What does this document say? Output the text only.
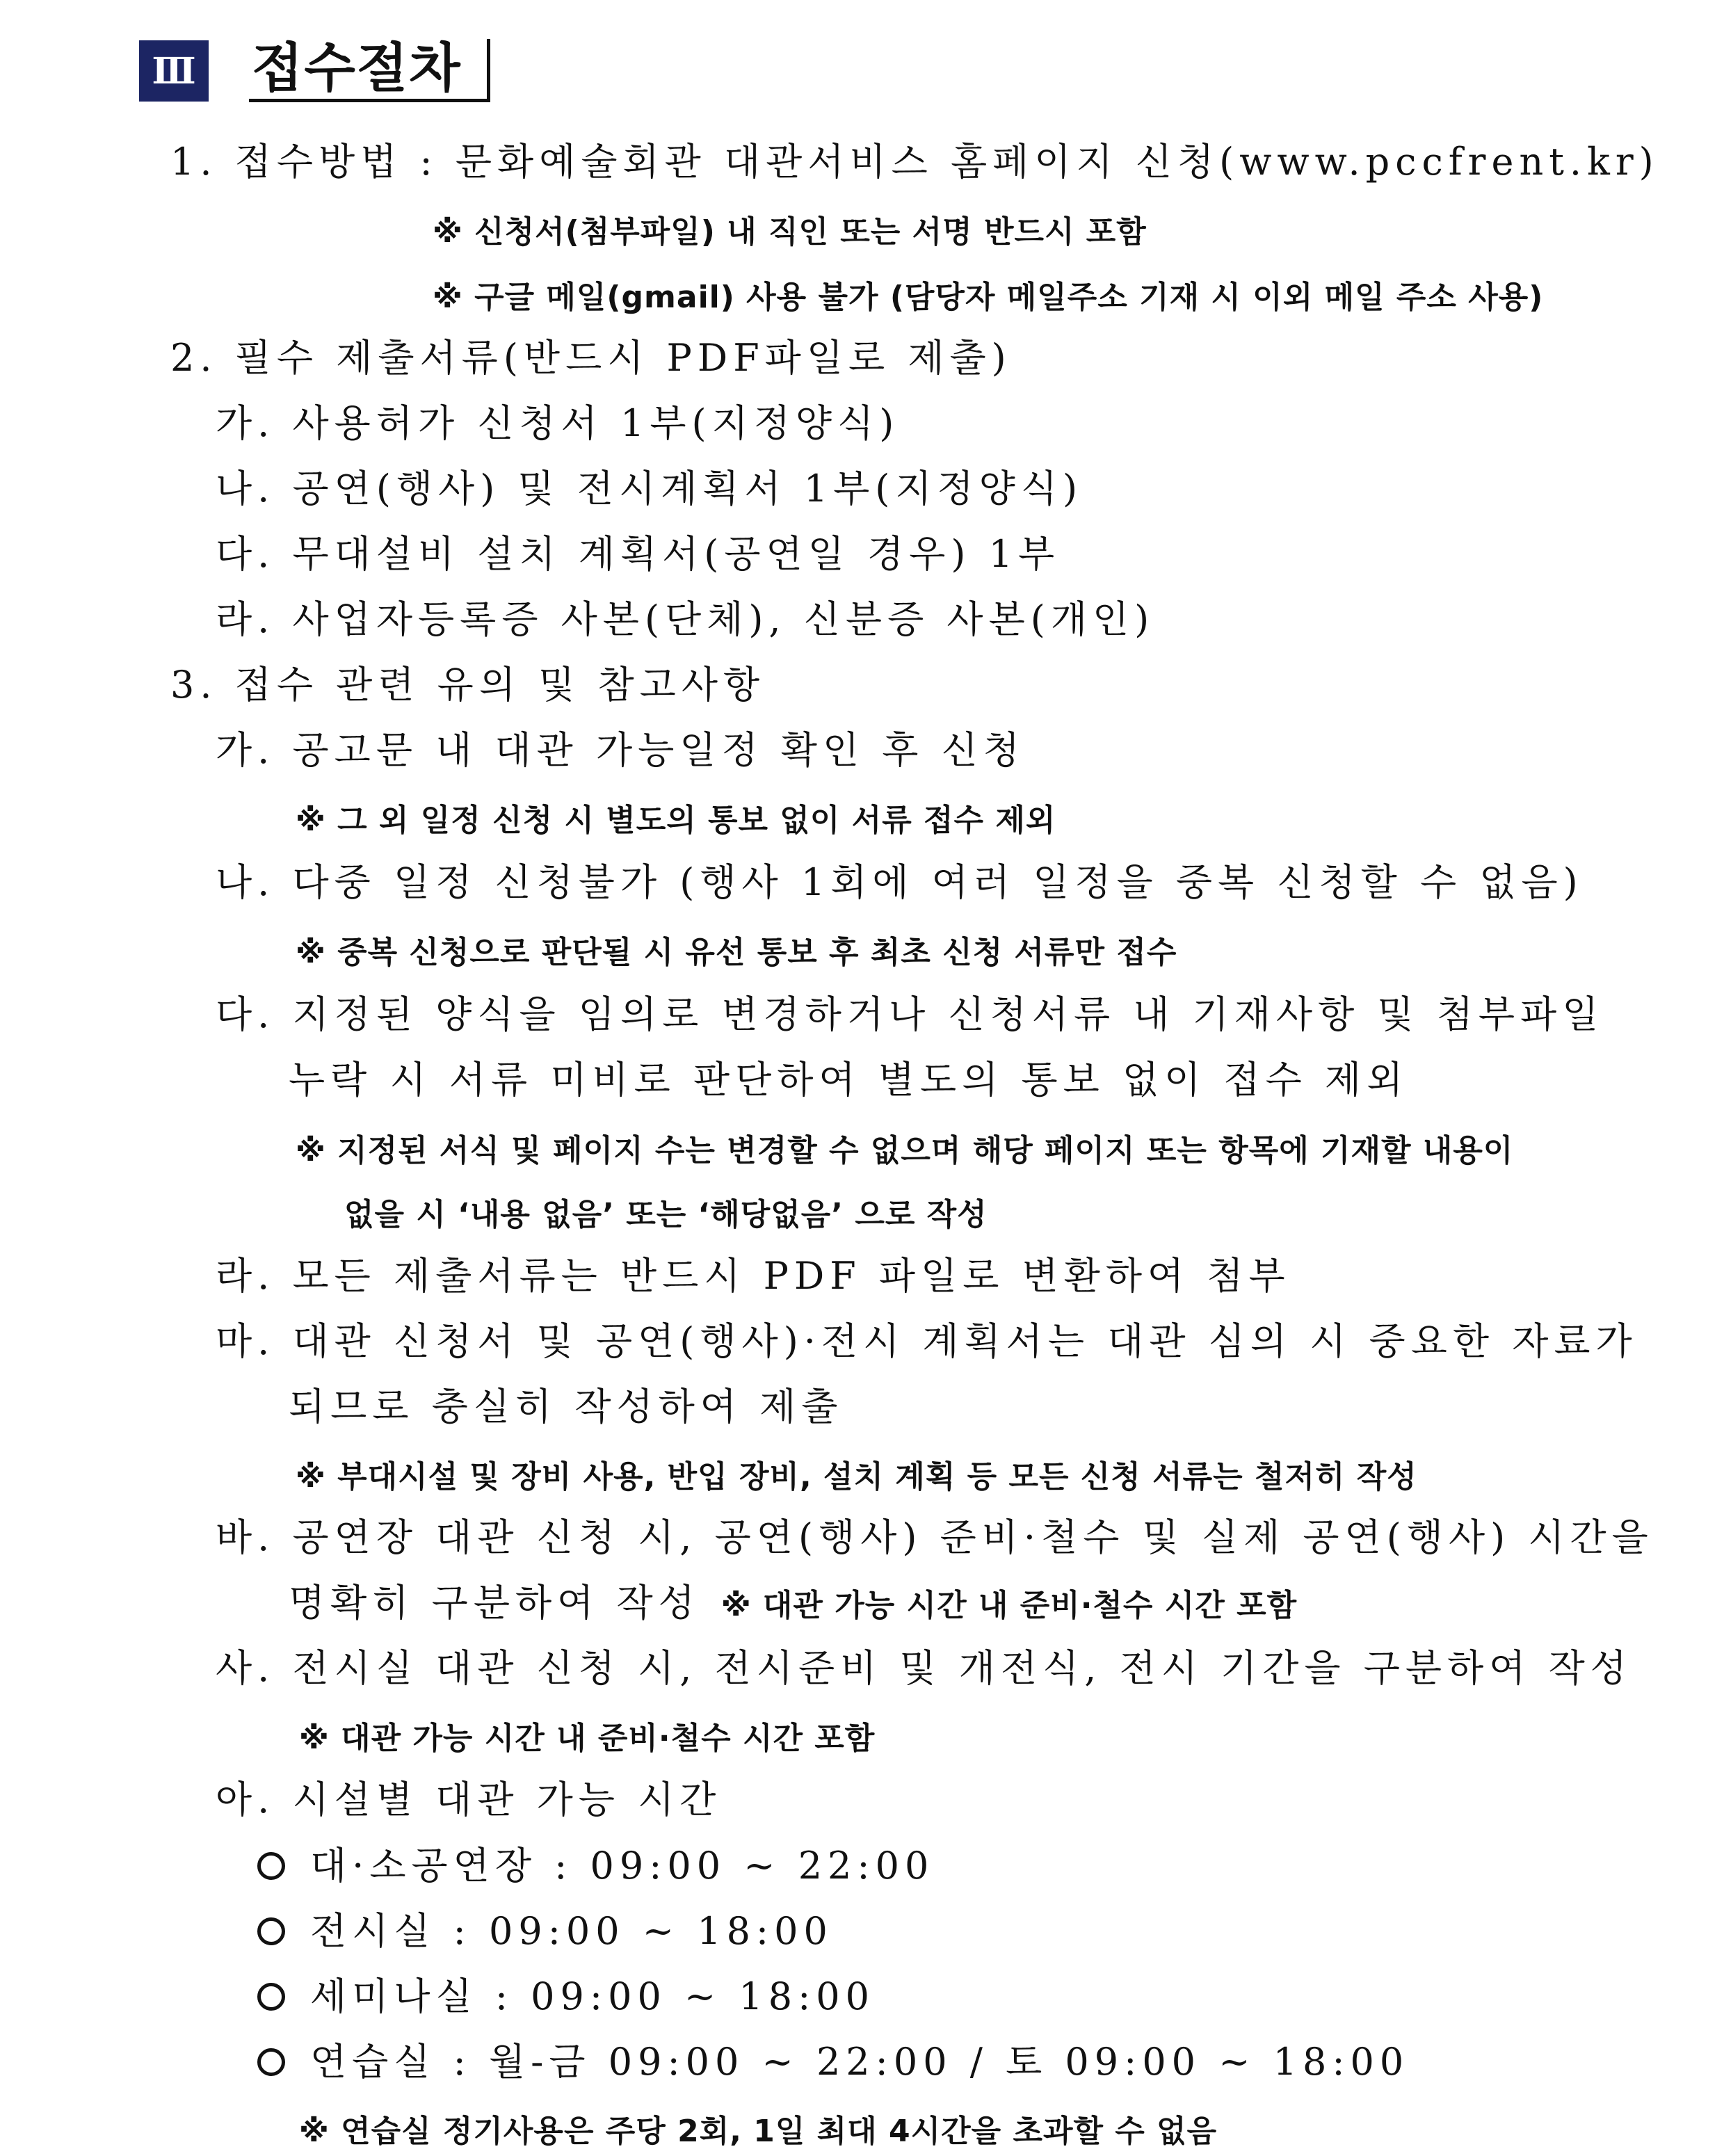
Ⅲ 접수절차
1. 접수방법 : 문화예술회관 대관서비스 홈페이지 신청(www.pccfrent.kr)
※ 신청서(첨부파일) 내 직인 또는 서명 반드시 포함
※ 구글 메일(gmail) 사용 불가 (담당자 메일주소 기재 시 이외 메일 주소 사용)
2. 필수 제출서류(반드시 PDF파일로 제출)
가. 사용허가 신청서 1부(지정양식)
나. 공연(행사) 및 전시계획서 1부(지정양식)
다. 무대설비 설치 계획서(공연일 경우) 1부
라. 사업자등록증 사본(단체), 신분증 사본(개인)
3. 접수 관련 유의 및 참고사항
가. 공고문 내 대관 가능일정 확인 후 신청
※ 그 외 일정 신청 시 별도의 통보 없이 서류 접수 제외
나. 다중 일정 신청불가 (행사 1회에 여러 일정을 중복 신청할 수 없음)
※ 중복 신청으로 판단될 시 유선 통보 후 최초 신청 서류만 접수
다. 지정된 양식을 임의로 변경하거나 신청서류 내 기재사항 및 첨부파일
누락 시 서류 미비로 판단하여 별도의 통보 없이 접수 제외
※ 지정된 서식 및 페이지 수는 변경할 수 없으며 해당 페이지 또는 항목에 기재할 내용이
없을 시 ‘내용 없음’ 또는 ‘해당없음’ 으로 작성
라. 모든 제출서류는 반드시 PDF 파일로 변환하여 첨부
마. 대관 신청서 및 공연(행사)·전시 계획서는 대관 심의 시 중요한 자료가
되므로 충실히 작성하여 제출
※ 부대시설 및 장비 사용, 반입 장비, 설치 계획 등 모든 신청 서류는 철저히 작성
바. 공연장 대관 신청 시, 공연(행사) 준비·철수 및 실제 공연(행사) 시간을
명확히 구분하여 작성 ※ 대관 가능 시간 내 준비·철수 시간 포함
사. 전시실 대관 신청 시, 전시준비 및 개전식, 전시 기간을 구분하여 작성
※ 대관 가능 시간 내 준비·철수 시간 포함
아. 시설별 대관 가능 시간
대·소공연장 : 09:00 ~ 22:00
전시실 : 09:00 ~ 18:00
세미나실 : 09:00 ~ 18:00
연습실 : 월-금 09:00 ~ 22:00 / 토 09:00 ~ 18:00
※ 연습실 정기사용은 주당 2회, 1일 최대 4시간을 초과할 수 없음
